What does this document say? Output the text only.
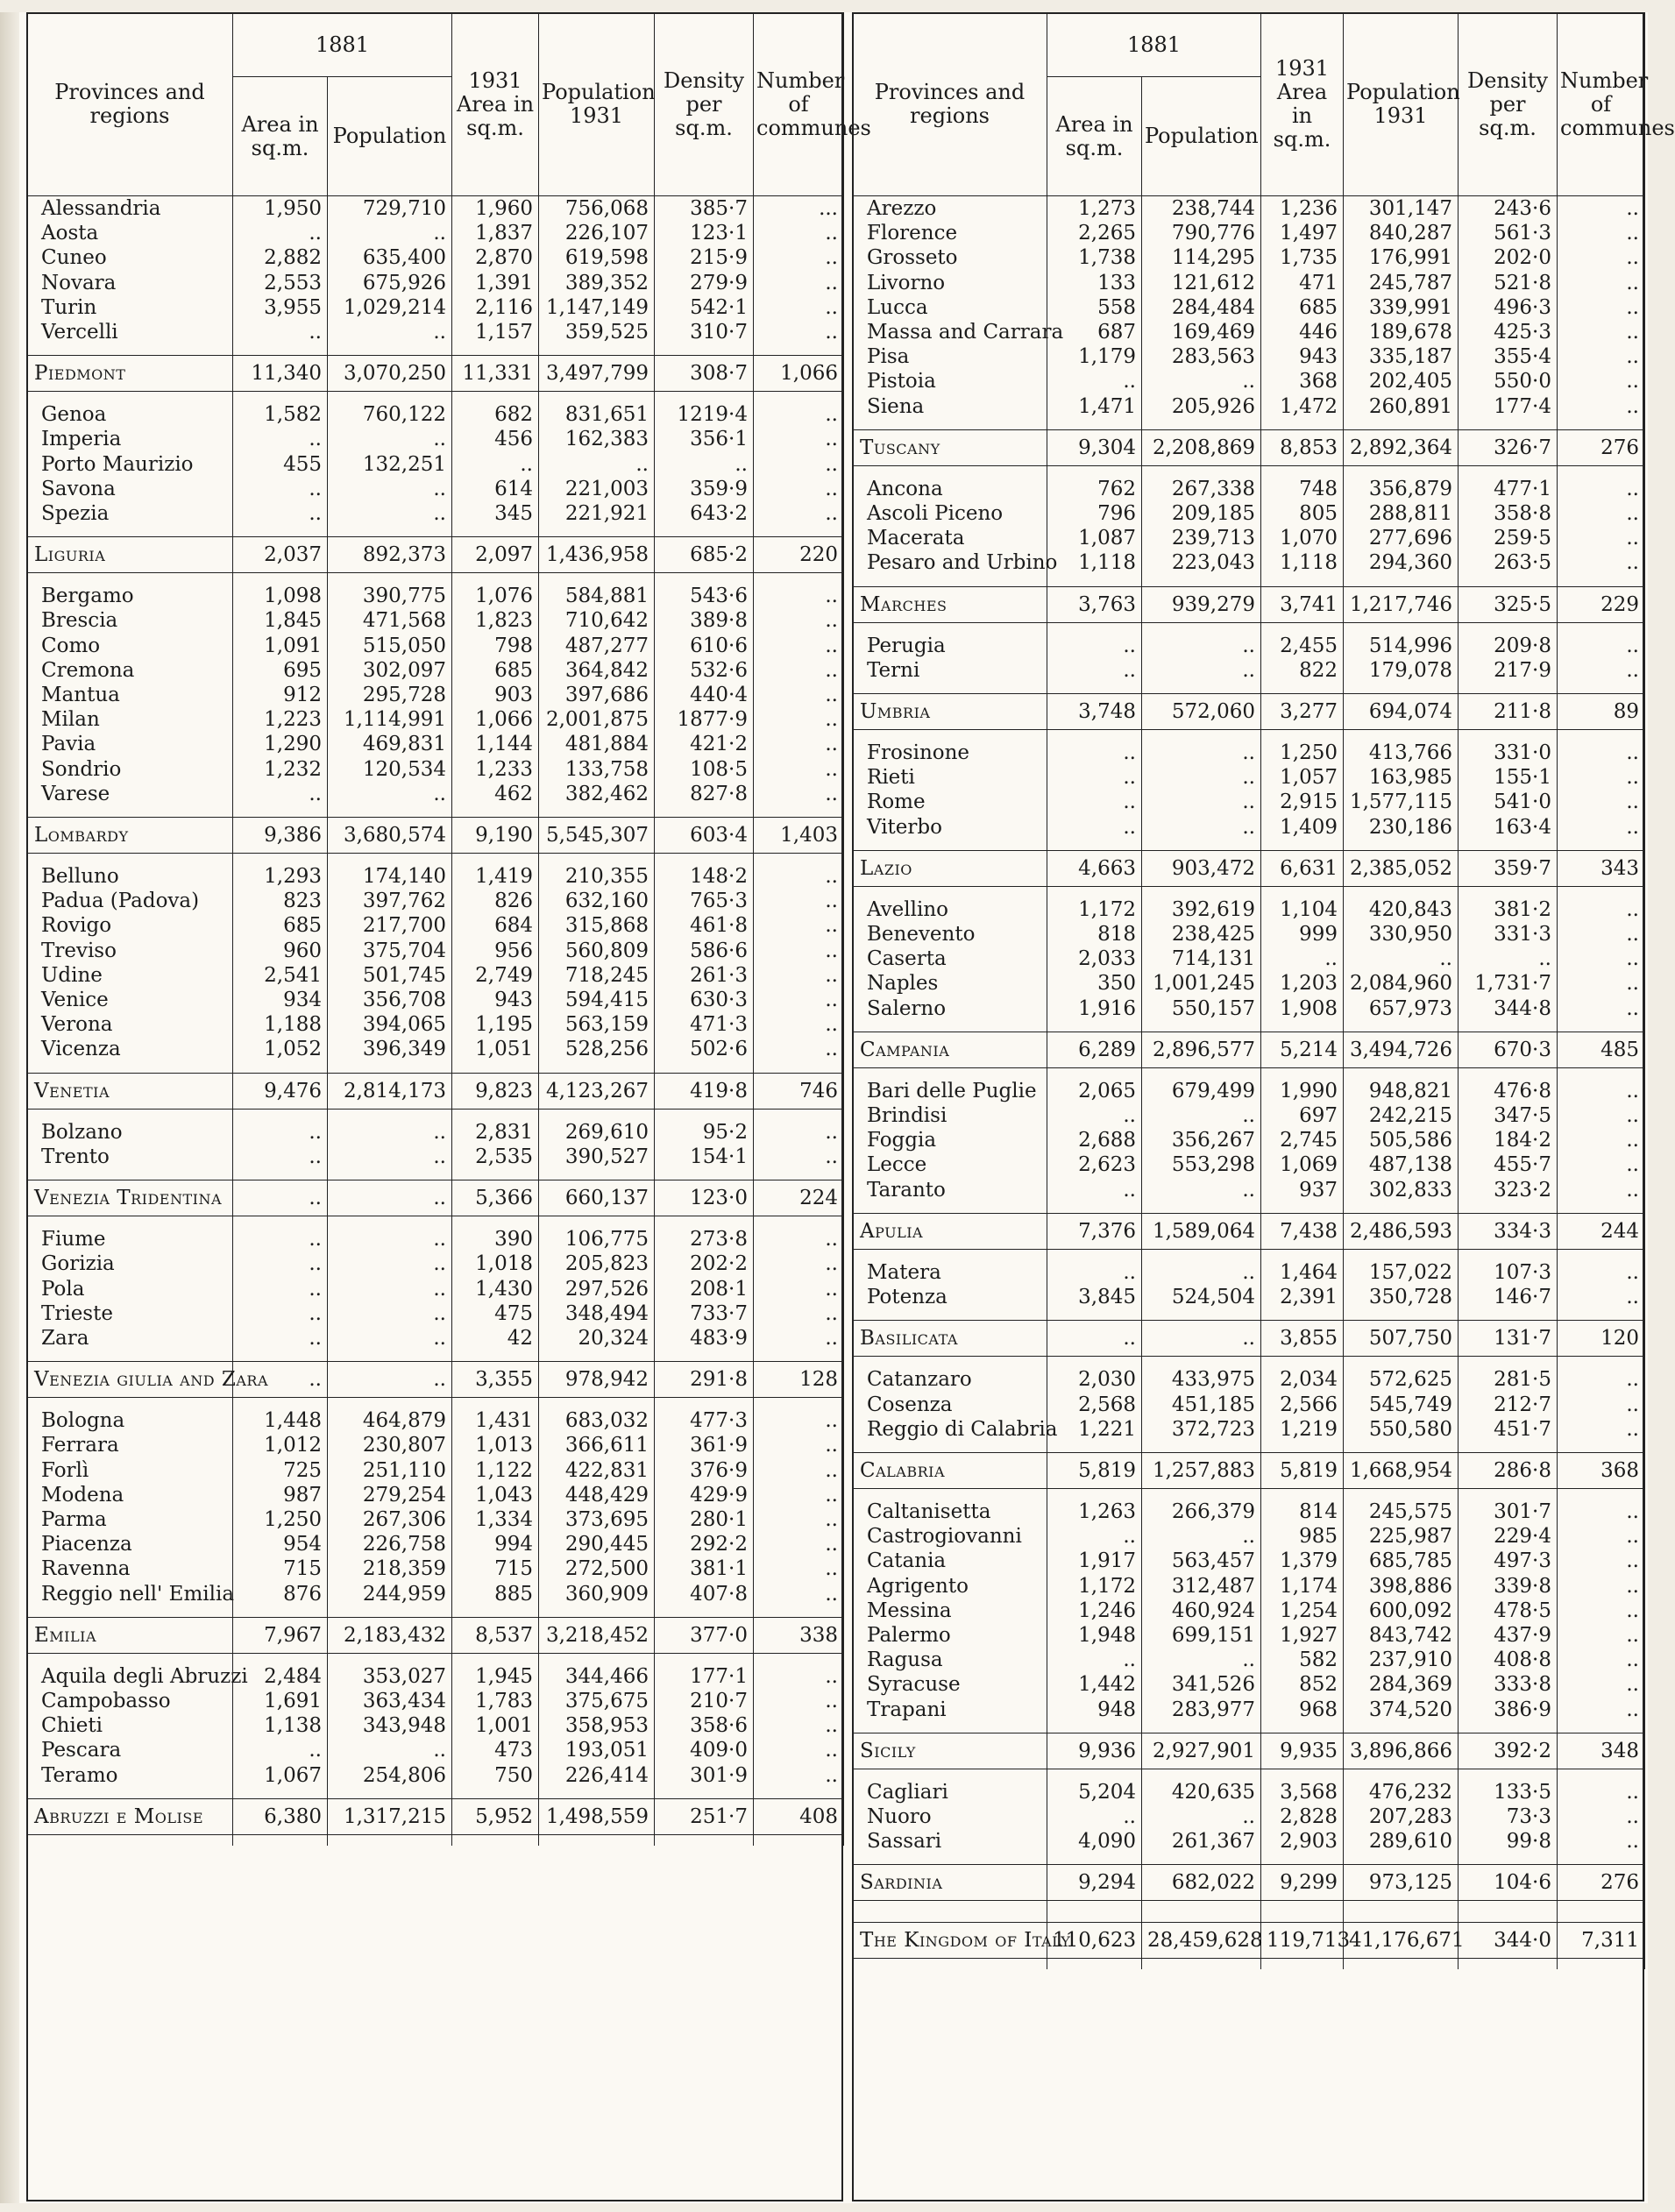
Provinces and regions	1881		1931 Area in sq.m.	Population 1931	Density per sq.m.	Number of communes
	Area in sq.m.	Population				
Alessandria	1,950	729,710	1,960	756,068	385·7	...
Aosta	..	..	1,837	226,107	123·1	..
Cuneo	2,882	635,400	2,870	619,598	215·9	..
Novara	2,553	675,926	1,391	389,352	279·9	..
Turin	3,955	1,029,214	2,116	1,147,149	542·1	..
Vercelli	..	..	1,157	359,525	310·7	..

Piedmont	11,340	3,070,250	11,331	3,497,799	308·7	1,066

Genoa	1,582	760,122	682	831,651	1219·4	..
Imperia	..	..	456	162,383	356·1	..
Porto Maurizio	455	132,251	..	..	..	..
Savona	..	..	614	221,003	359·9	..
Spezia	..	..	345	221,921	643·2	..

Liguria	2,037	892,373	2,097	1,436,958	685·2	220

Bergamo	1,098	390,775	1,076	584,881	543·6	..
Brescia	1,845	471,568	1,823	710,642	389·8	..
Como	1,091	515,050	798	487,277	610·6	..
Cremona	695	302,097	685	364,842	532·6	..
Mantua	912	295,728	903	397,686	440·4	..
Milan	1,223	1,114,991	1,066	2,001,875	1877·9	..
Pavia	1,290	469,831	1,144	481,884	421·2	..
Sondrio	1,232	120,534	1,233	133,758	108·5	..
Varese	..	..	462	382,462	827·8	..

Lombardy	9,386	3,680,574	9,190	5,545,307	603·4	1,403

Belluno	1,293	174,140	1,419	210,355	148·2	..
Padua (Padova)	823	397,762	826	632,160	765·3	..
Rovigo	685	217,700	684	315,868	461·8	..
Treviso	960	375,704	956	560,809	586·6	..
Udine	2,541	501,745	2,749	718,245	261·3	..
Venice	934	356,708	943	594,415	630·3	..
Verona	1,188	394,065	1,195	563,159	471·3	..
Vicenza	1,052	396,349	1,051	528,256	502·6	..

Venetia	9,476	2,814,173	9,823	4,123,267	419·8	746

Bolzano	..	..	2,831	269,610	95·2	..
Trento	..	..	2,535	390,527	154·1	..

Venezia Tridentina	..	..	5,366	660,137	123·0	224

Fiume	..	..	390	106,775	273·8	..
Gorizia	..	..	1,018	205,823	202·2	..
Pola	..	..	1,430	297,526	208·1	..
Trieste	..	..	475	348,494	733·7	..
Zara	..	..	42	20,324	483·9	..

Venezia giulia and Zara	..	..	3,355	978,942	291·8	128

Bologna	1,448	464,879	1,431	683,032	477·3	..
Ferrara	1,012	230,807	1,013	366,611	361·9	..
Forlì	725	251,110	1,122	422,831	376·9	..
Modena	987	279,254	1,043	448,429	429·9	..
Parma	1,250	267,306	1,334	373,695	280·1	..
Piacenza	954	226,758	994	290,445	292·2	..
Ravenna	715	218,359	715	272,500	381·1	..
Reggio nell' Emilia	876	244,959	885	360,909	407·8	..

Emilia	7,967	2,183,432	8,537	3,218,452	377·0	338

Aquila degli Abruzzi	2,484	353,027	1,945	344,466	177·1	..
Campobasso	1,691	363,434	1,783	375,675	210·7	..
Chieti	1,138	343,948	1,001	358,953	358·6	..
Pescara	..	..	473	193,051	409·0	..
Teramo	1,067	254,806	750	226,414	301·9	..

Abruzzi e Molise	6,380	1,317,215	5,952	1,498,559	251·7	408

Provinces and regions	1881		1931 Area in sq.m.	Population 1931	Density per sq.m.	Number of communes
	Area in sq.m.	Population				
Arezzo	1,273	238,744	1,236	301,147	243·6	..
Florence	2,265	790,776	1,497	840,287	561·3	..
Grosseto	1,738	114,295	1,735	176,991	202·0	..
Livorno	133	121,612	471	245,787	521·8	..
Lucca	558	284,484	685	339,991	496·3	..
Massa and Carrara	687	169,469	446	189,678	425·3	..
Pisa	1,179	283,563	943	335,187	355·4	..
Pistoia	..	..	368	202,405	550·0	..
Siena	1,471	205,926	1,472	260,891	177·4	..

Tuscany	9,304	2,208,869	8,853	2,892,364	326·7	276

Ancona	762	267,338	748	356,879	477·1	..
Ascoli Piceno	796	209,185	805	288,811	358·8	..
Macerata	1,087	239,713	1,070	277,696	259·5	..
Pesaro and Urbino	1,118	223,043	1,118	294,360	263·5	..

Marches	3,763	939,279	3,741	1,217,746	325·5	229

Perugia	..	..	2,455	514,996	209·8	..
Terni	..	..	822	179,078	217·9	..

Umbria	3,748	572,060	3,277	694,074	211·8	89

Frosinone	..	..	1,250	413,766	331·0	..
Rieti	..	..	1,057	163,985	155·1	..
Rome	..	..	2,915	1,577,115	541·0	..
Viterbo	..	..	1,409	230,186	163·4	..

Lazio	4,663	903,472	6,631	2,385,052	359·7	343

Avellino	1,172	392,619	1,104	420,843	381·2	..
Benevento	818	238,425	999	330,950	331·3	..
Caserta	2,033	714,131	..	..	..	..
Naples	350	1,001,245	1,203	2,084,960	1,731·7	..
Salerno	1,916	550,157	1,908	657,973	344·8	..

Campania	6,289	2,896,577	5,214	3,494,726	670·3	485

Bari delle Puglie	2,065	679,499	1,990	948,821	476·8	..
Brindisi	..	..	697	242,215	347·5	..
Foggia	2,688	356,267	2,745	505,586	184·2	..
Lecce	2,623	553,298	1,069	487,138	455·7	..
Taranto	..	..	937	302,833	323·2	..

Apulia	7,376	1,589,064	7,438	2,486,593	334·3	244

Matera	..	..	1,464	157,022	107·3	..
Potenza	3,845	524,504	2,391	350,728	146·7	..

Basilicata	..	..	3,855	507,750	131·7	120

Catanzaro	2,030	433,975	2,034	572,625	281·5	..
Cosenza	2,568	451,185	2,566	545,749	212·7	..
Reggio di Calabria	1,221	372,723	1,219	550,580	451·7	..

Calabria	5,819	1,257,883	5,819	1,668,954	286·8	368

Caltanisetta	1,263	266,379	814	245,575	301·7	..
Castrogiovanni	..	..	985	225,987	229·4	..
Catania	1,917	563,457	1,379	685,785	497·3	..
Agrigento	1,172	312,487	1,174	398,886	339·8	..
Messina	1,246	460,924	1,254	600,092	478·5	..
Palermo	1,948	699,151	1,927	843,742	437·9	..
Ragusa	..	..	582	237,910	408·8	..
Syracuse	1,442	341,526	852	284,369	333·8	..
Trapani	948	283,977	968	374,520	386·9	..

Sicily	9,936	2,927,901	9,935	3,896,866	392·2	348

Cagliari	5,204	420,635	3,568	476,232	133·5	..
Nuoro	..	..	2,828	207,283	73·3	..
Sassari	4,090	261,367	2,903	289,610	99·8	..

Sardinia	9,294	682,022	9,299	973,125	104·6	276

The Kingdom of Italy	110,623	28,459,628	119,713	41,176,671	344·0	7,311
